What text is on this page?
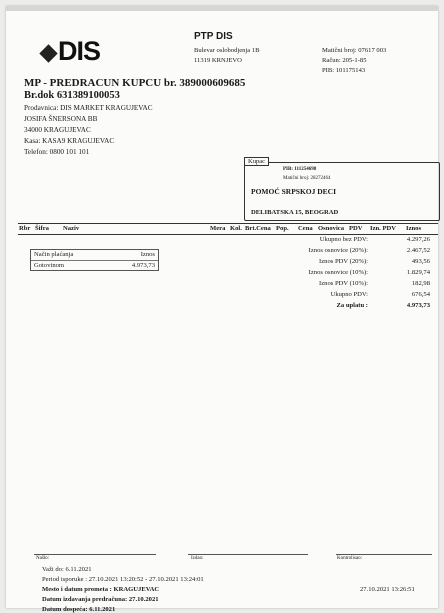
DIS	PTP DIS
Bulevar oslobodjenja 1B
11319 KRNJEVO
Matični broj: 07617 003
Račun: 205-1-85
PIB: 101175143
MP - PREDRACUN KUPCU br. 389000609685
Br.dok 631389100053
Prodavnica: DIS MARKET KRAGUJEVAC
JOSIFA ŠNERSONA BB
34000 KRAGUJEVAC
Kasa: KASA9 KRAGUJEVAC
Telefon: 0800 101 101
Kupac
PIB: 111254698
Matični broj: 28272464
POMOĆ SRPSKOJ DECI
DELIBATSKA 15, BEOGRAD
Rbr Šifra Naziv	Mera Kol. Brt.Cena Pop. Cena Osnovica PDV Izn. PDV Iznos
Način plaćanja	Iznos
Gotovinom	4.973,73
Ukupno bez PDV:	4.297,26
Iznos osnovice (20%):	2.467,52
Iznos PDV (20%):	493,56
Iznos osnovice (10%):	1.829,74
Iznos PDV (10%):	182,98
Ukupno PDV:	676,54
Za uplatu :	4.973,73
Našlo:	Izdao:	Kontrolisao:
Važi do: 6.11.2021
Period isporuke : 27.10.2021 13:20:52 - 27.10.2021 13:24:01
Mesto i datum prometa : KRAGUJEVAC	27.10.2021 13:26:51
Datum izdavanja predračuna: 27.10.2021
Datum dospeća: 6.11.2021
